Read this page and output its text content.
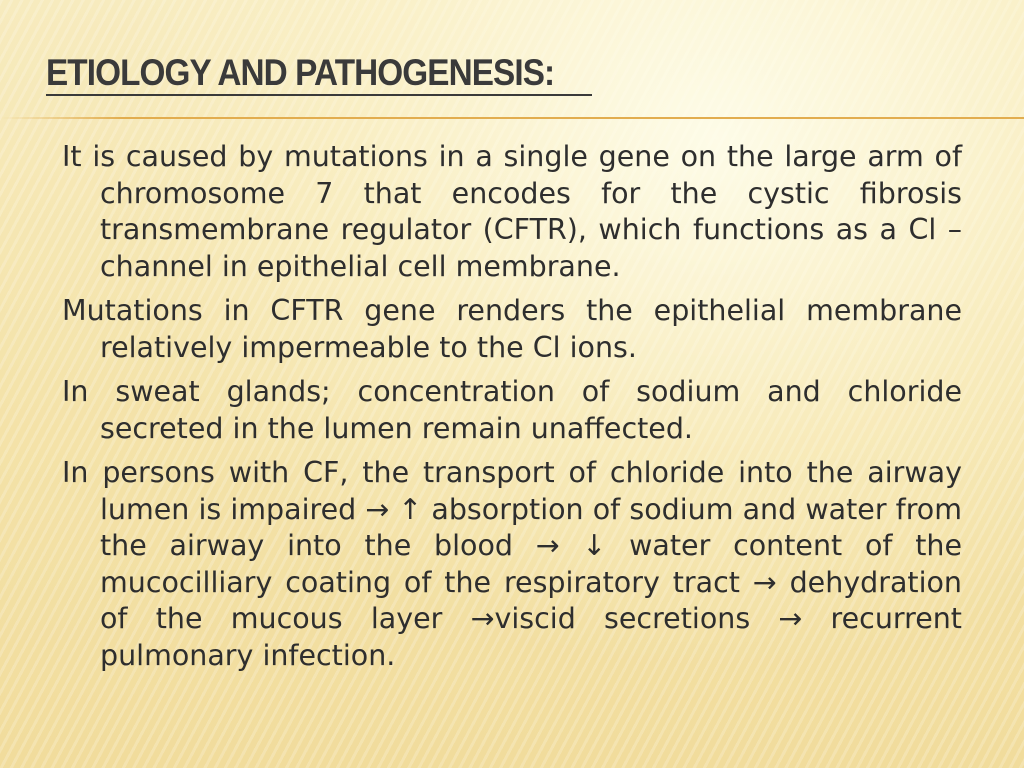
ETIOLOGY AND PATHOGENESIS:

It is caused by mutations in a single gene on the large arm of chromosome 7 that encodes for the cystic fibrosis transmembrane regulator (CFTR), which functions as a Cl – channel in epithelial cell membrane.

Mutations in CFTR gene renders the epithelial membrane relatively impermeable to the Cl ions.

In sweat glands; concentration of sodium and chloride secreted in the lumen remain unaffected.

In persons with CF, the transport of chloride into the airway lumen is impaired → ↑ absorption of sodium and water from the airway into the blood → ↓ water content of the mucocilliary coating of the respiratory tract → dehydration of the mucous layer →viscid secretions → recurrent pulmonary infection.
